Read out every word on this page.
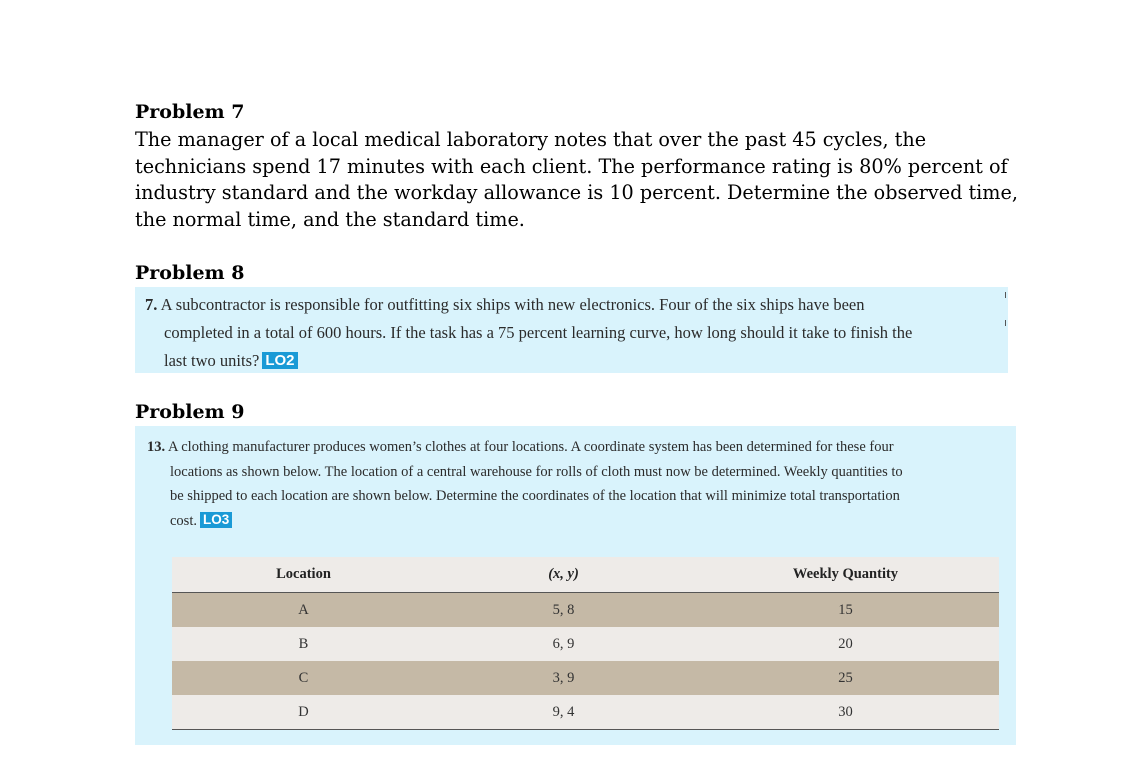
Problem 7

The manager of a local medical laboratory notes that over the past 45 cycles, the
technicians spend 17 minutes with each client. The performance rating is 80% percent of
industry standard and the workday allowance is 10 percent. Determine the observed time,
the normal time, and the standard time.

Problem 8
7. A subcontractor is responsible for outfitting six ships with new electronics. Four of the six ships have been
completed in a total of 600 hours. If the task has a 75 percent learning curve, how long should it take to finish the
last two units? LO2
Problem 9
13. A clothing manufacturer produces women’s clothes at four locations. A coordinate system has been determined for these four
locations as shown below. The location of a central warehouse for rolls of cloth must now be determined. Weekly quantities to
be shipped to each location are shown below. Determine the coordinates of the location that will minimize total transportation
cost. LO3
Location	(x, y)	Weekly Quantity
A	5, 8	15
B	6, 9	20
C	3, 9	25
D	9, 4	30
